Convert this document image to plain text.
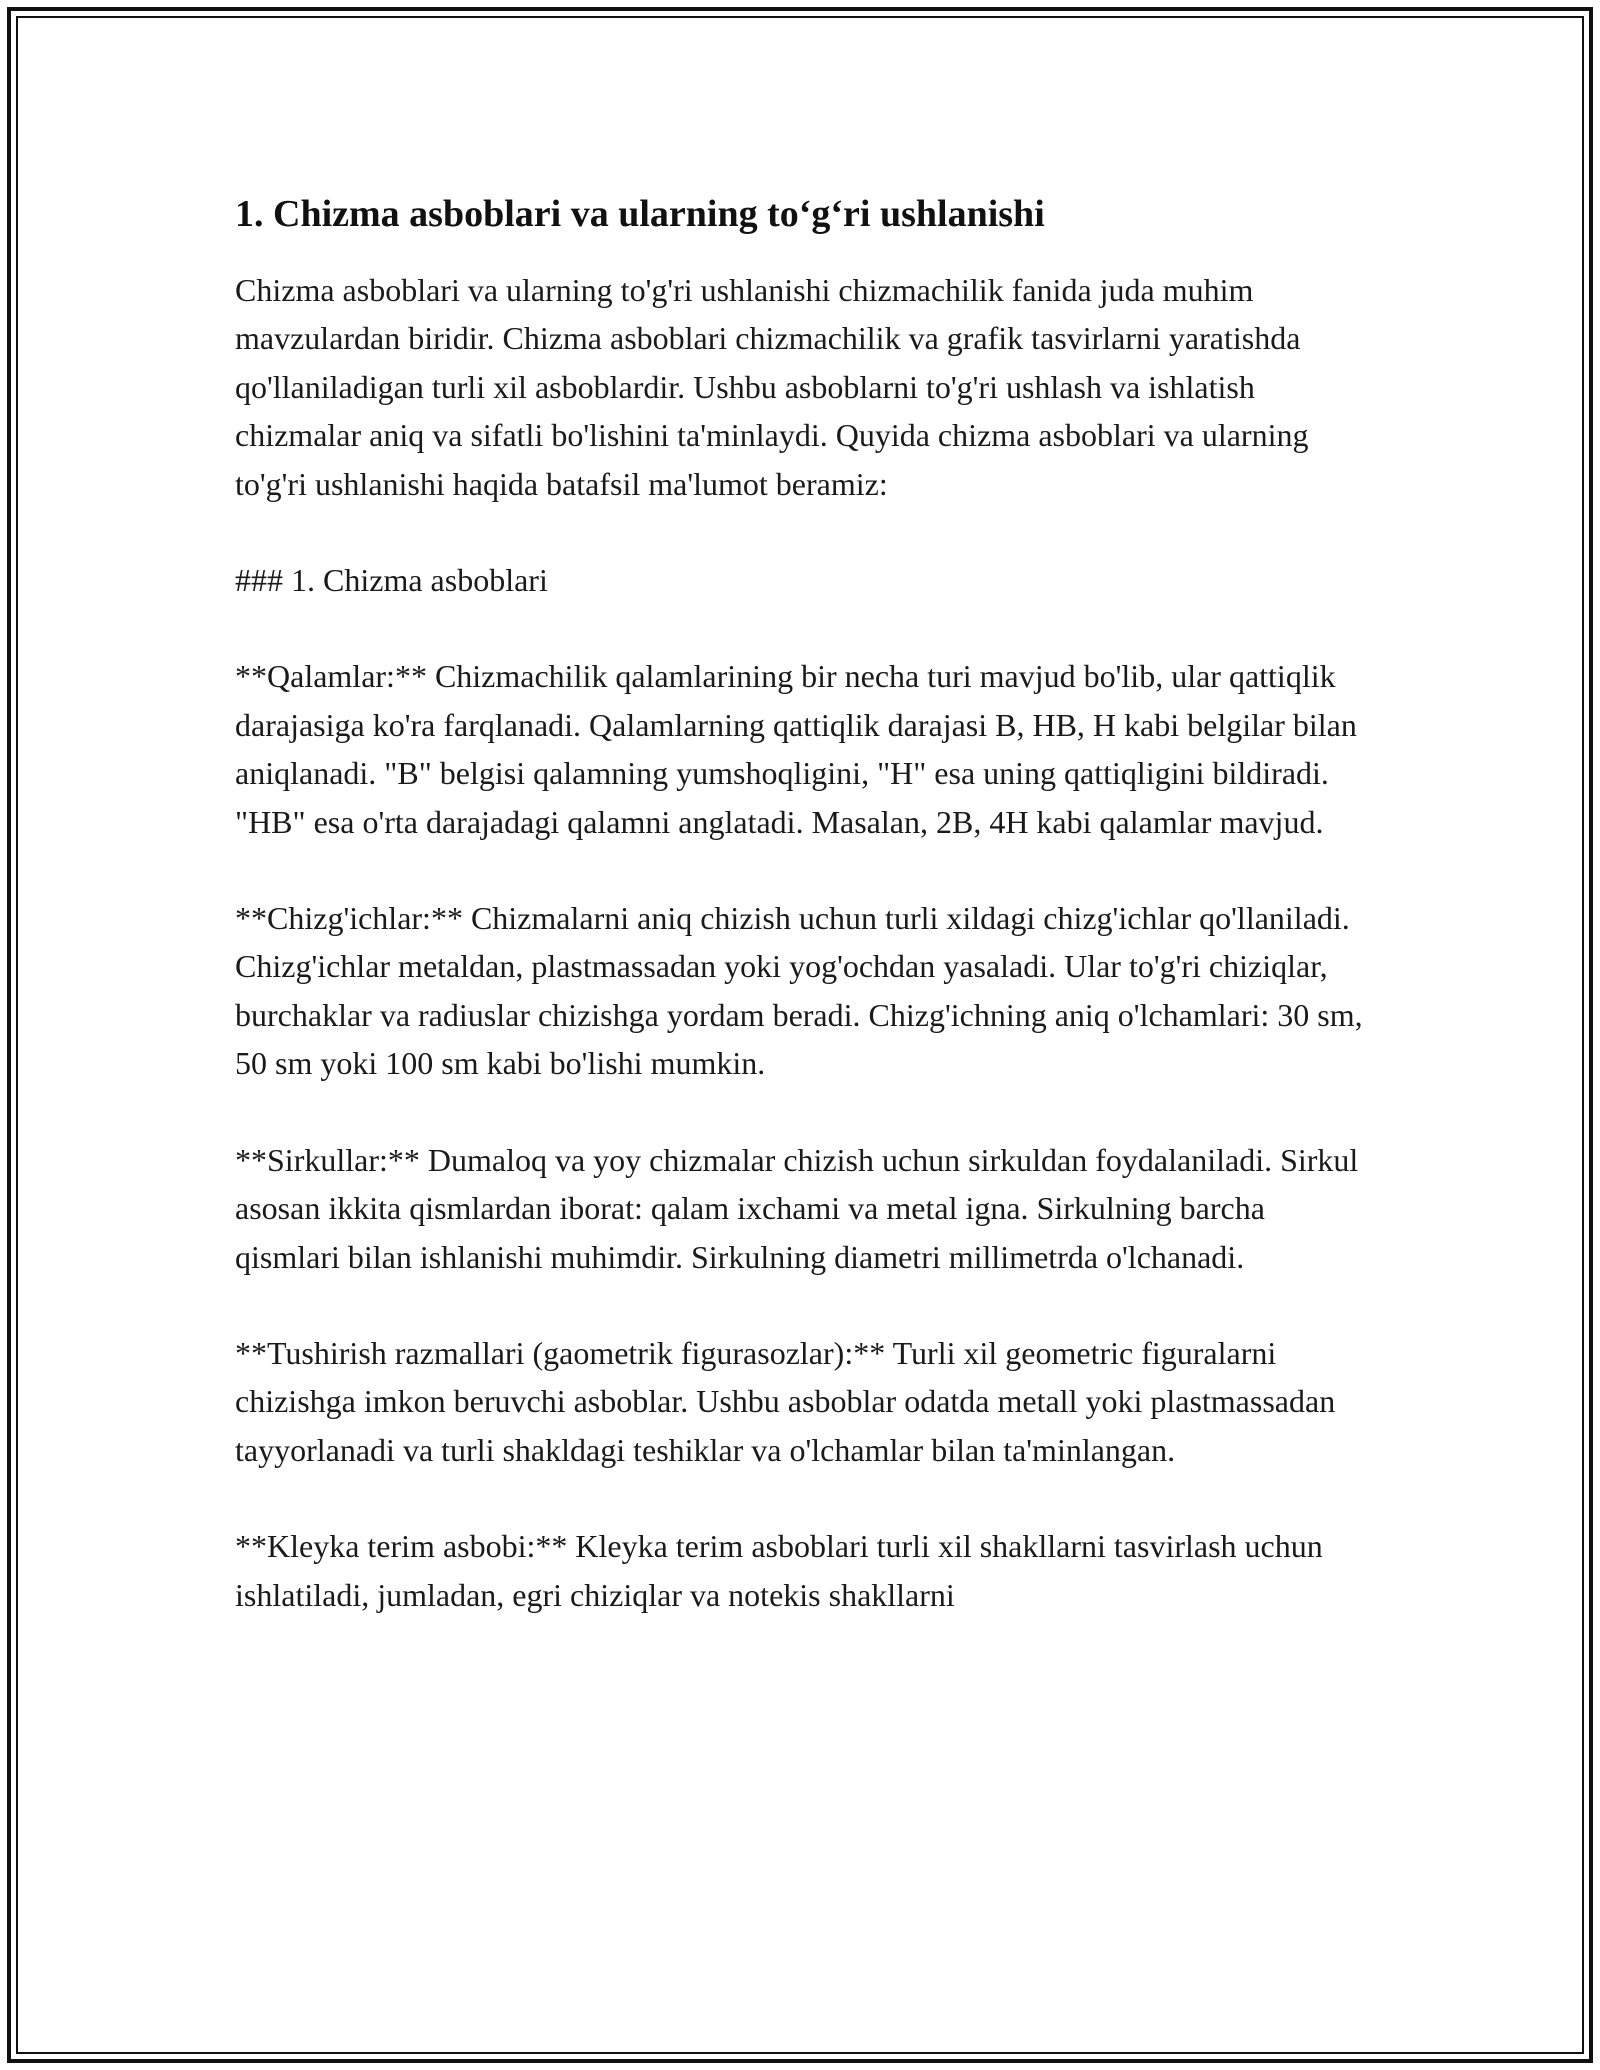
1. Chizma asboblari va ularning to‘g‘ri ushlanishi

Chizma asboblari va ularning to'g'ri ushlanishi chizmachilik fanida juda muhim mavzulardan biridir. Chizma asboblari chizmachilik va grafik tasvirlarni yaratishda qo'llaniladigan turli xil asboblardir. Ushbu asboblarni to'g'ri ushlash va ishlatish chizmalar aniq va sifatli bo'lishini ta'minlaydi. Quyida chizma asboblari va ularning to'g'ri ushlanishi haqida batafsil ma'lumot beramiz:

### 1. Chizma asboblari

**Qalamlar:** Chizmachilik qalamlarining bir necha turi mavjud bo'lib, ular qattiqlik darajasiga ko'ra farqlanadi. Qalamlarning qattiqlik darajasi B, HB, H kabi belgilar bilan aniqlanadi. "B" belgisi qalamning yumshoqligini, "H" esa uning qattiqligini bildiradi. "HB" esa o'rta darajadagi qalamni anglatadi. Masalan, 2B, 4H kabi qalamlar mavjud.

**Chizg'ichlar:** Chizmalarni aniq chizish uchun turli xildagi chizg'ichlar qo'llaniladi. Chizg'ichlar metaldan, plastmassadan yoki yog'ochdan yasaladi. Ular to'g'ri chiziqlar, burchaklar va radiuslar chizishga yordam beradi. Chizg'ichning aniq o'lchamlari: 30 sm, 50 sm yoki 100 sm kabi bo'lishi mumkin.

**Sirkullar:** Dumaloq va yoy chizmalar chizish uchun sirkuldan foydalaniladi. Sirkul asosan ikkita qismlardan iborat: qalam ixchami va metal igna. Sirkulning barcha qismlari bilan ishlanishi muhimdir. Sirkulning diametri millimetrda o'lchanadi.

**Tushirish razmallari (gaometrik figurasozlar):** Turli xil geometric figuralarni chizishga imkon beruvchi asboblar. Ushbu asboblar odatda metall yoki plastmassadan tayyorlanadi va turli shakldagi teshiklar va o'lchamlar bilan ta'minlangan.

**Kleyka terim asbobi:** Kleyka terim asboblari turli xil shakllarni tasvirlash uchun ishlatiladi, jumladan, egri chiziqlar va notekis shakllarni
